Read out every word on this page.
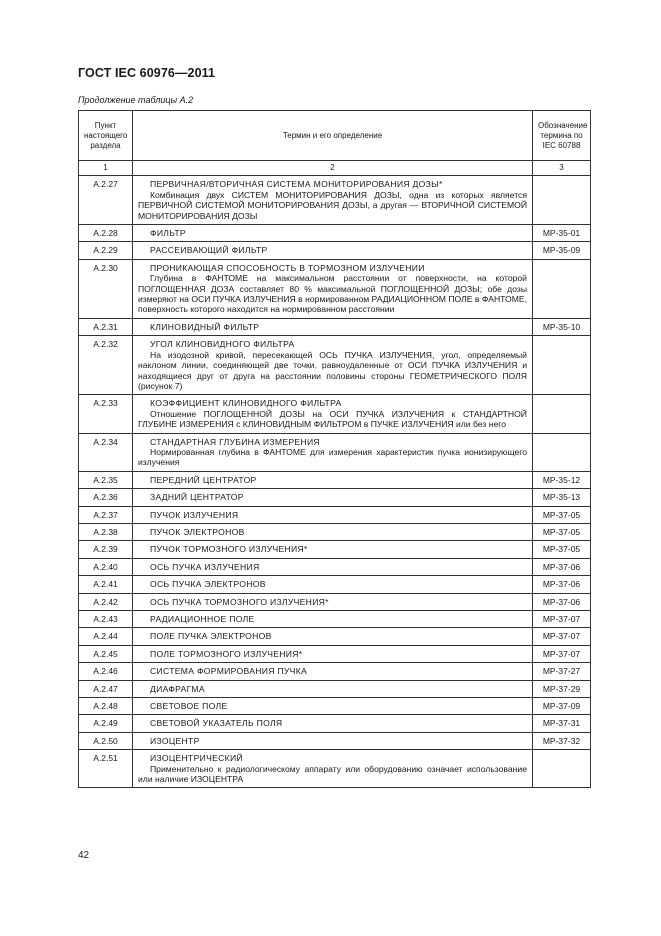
ГОСТ IEC 60976—2011
Продолжение таблицы А.2
Пункт настоящего раздела	Термин и его определение	Обозначение термина по IEC 60788
1	2	3
А.2.27	ПЕРВИЧНАЯ/ВТОРИЧНАЯ СИСТЕМА МОНИТОРИРОВАНИЯ ДОЗЫ*
Комбинация двух СИСТЕМ МОНИТОРИРОВАНИЯ ДОЗЫ, одна из которых является ПЕРВИЧНОЙ СИСТЕМОЙ МОНИТОРИРОВАНИЯ ДОЗЫ, а другая — ВТОРИЧНОЙ СИСТЕМОЙ МОНИТОРИРОВАНИЯ ДОЗЫ	

А.2.28	ФИЛЬТР	МР-35-01
А.2.29	РАССЕИВАЮЩИЙ ФИЛЬТР	МР-35-09
А.2.30	ПРОНИКАЮЩАЯ СПОСОБНОСТЬ В ТОРМОЗНОМ ИЗЛУЧЕНИИ
Глубина в ФАНТОМЕ на максимальном расстоянии от поверхности, на которой ПОГЛОЩЕННАЯ ДОЗА составляет 80 % максимальной ПОГЛОЩЕННОЙ ДОЗЫ; обе дозы измеряют на ОСИ ПУЧКА ИЗЛУЧЕНИЯ в нормированном РАДИАЦИОННОМ ПОЛЕ в ФАНТОМЕ, поверхность которого находится на нормированном расстоянии	

А.2.31	КЛИНОВИДНЫЙ ФИЛЬТР	МР-35-10
А.2.32	УГОЛ КЛИНОВИДНОГО ФИЛЬТРА
На изодозной кривой, пересекающей ОСЬ ПУЧКА ИЗЛУЧЕНИЯ, угол, определяемый наклоном линии, соединяющей две точки, равноудаленные от ОСИ ПУЧКА ИЗЛУЧЕНИЯ и находящиеся друг от друга на расстоянии половины стороны ГЕОМЕТРИЧЕСКОГО ПОЛЯ (рисунок 7)	

А.2.33	КОЭФФИЦИЕНТ КЛИНОВИДНОГО ФИЛЬТРА
Отношение ПОГЛОЩЕННОЙ ДОЗЫ на ОСИ ПУЧКА ИЗЛУЧЕНИЯ к СТАНДАРТНОЙ ГЛУБИНЕ ИЗМЕРЕНИЯ с КЛИНОВИДНЫМ ФИЛЬТРОМ в ПУЧКЕ ИЗЛУЧЕНИЯ или без него	

А.2.34	СТАНДАРТНАЯ ГЛУБИНА ИЗМЕРЕНИЯ
Нормированная глубина в ФАНТОМЕ для измерения характеристик пучка ионизирующего излучения	

А.2.35	ПЕРЕДНИЙ ЦЕНТРАТОР	МР-35-12
А.2.36	ЗАДНИЙ ЦЕНТРАТОР	МР-35-13
А.2.37	ПУЧОК ИЗЛУЧЕНИЯ	МР-37-05
А.2.38	ПУЧОК ЭЛЕКТРОНОВ	МР-37-05
А.2.39	ПУЧОК ТОРМОЗНОГО ИЗЛУЧЕНИЯ*	МР-37-05
А.2.40	ОСЬ ПУЧКА ИЗЛУЧЕНИЯ	МР-37-06
А.2.41	ОСЬ ПУЧКА ЭЛЕКТРОНОВ	МР-37-06
А.2.42	ОСЬ ПУЧКА ТОРМОЗНОГО ИЗЛУЧЕНИЯ*	МР-37-06
А.2.43	РАДИАЦИОННОЕ ПОЛЕ	МР-37-07
А.2.44	ПОЛЕ ПУЧКА ЭЛЕКТРОНОВ	МР-37-07
А.2.45	ПОЛЕ ТОРМОЗНОГО ИЗЛУЧЕНИЯ*	МР-37-07
А.2.46	СИСТЕМА ФОРМИРОВАНИЯ ПУЧКА	МР-37-27
А.2.47	ДИАФРАГМА	МР-37-29
А.2.48	СВЕТОВОЕ ПОЛЕ	МР-37-09
А.2.49	СВЕТОВОЙ УКАЗАТЕЛЬ ПОЛЯ	МР-37-31
А.2.50	ИЗОЦЕНТР	МР-37-32
А.2.51	ИЗОЦЕНТРИЧЕСКИЙ
Применительно к радиологическому аппарату или оборудованию означает использование или наличие ИЗОЦЕНТРА	

42
